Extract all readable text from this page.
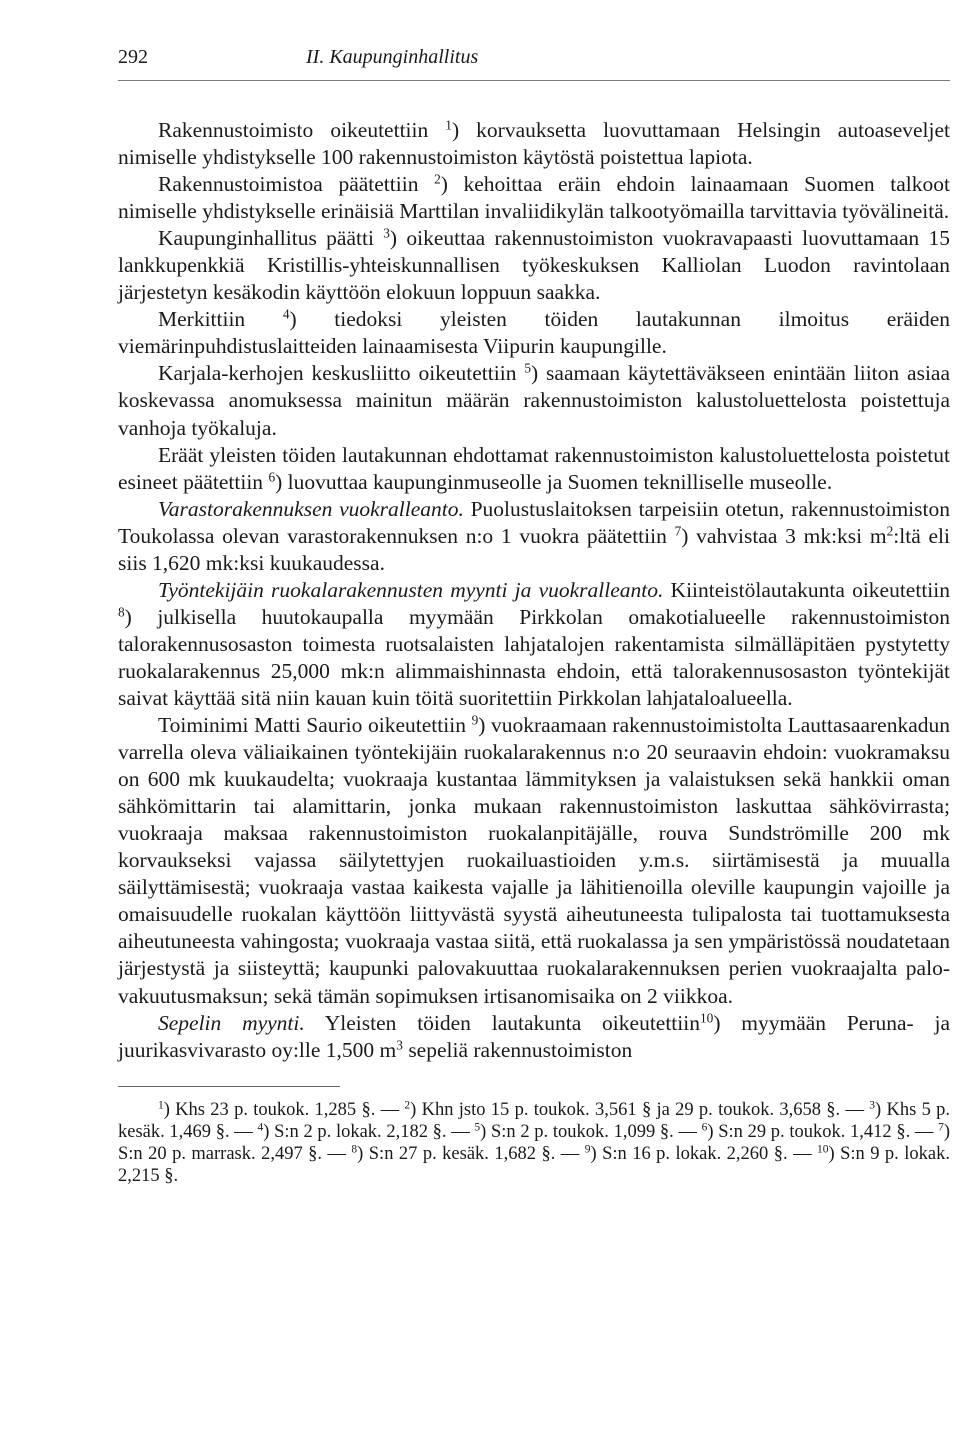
292	II. Kaupunginhallitus

Rakennustoimisto oikeutettiin $^1$) korvauksetta luovuttamaan Helsingin autoaseveljet nimiselle yhdistykselle 100 rakennustoimiston käytöstä poistettua lapiota.

Rakennustoimistoa päätettiin $^2$) kehoittaa eräin ehdoin lainaamaan Suomen talkoot nimiselle yhdistykselle erinäisiä Marttilan invaliidikylän talkootyömailla tarvittavia työvälineitä.

Kaupunginhallitus päätti $^3$) oikeuttaa rakennustoimiston vuokravapaasti luovuttamaan 15 lankkupenkkiä Kristillis-yhteiskunnallisen työkeskuksen Kalliolan Luodon ravintolaan järjestetyn kesäkodin käyttöön elokuun loppuun saakka.

Merkittiin $^4$) tiedoksi yleisten töiden lautakunnan ilmoitus eräiden viemärinpuhdistuslaitteiden lainaamisesta Viipurin kaupungille.

Karjala-kerhojen keskusliitto oikeutettiin $^5$) saamaan käytettäväkseen enintään liiton asiaa koskevassa anomuksessa mainitun määrän rakennustoimiston kalustoluettelosta poistettuja vanhoja työkaluja.

Eräät yleisten töiden lautakunnan ehdottamat rakennustoimiston kalustoluettelosta poistetut esineet päätettiin $^6$) luovuttaa kaupunginmuseolle ja Suomen teknilliselle museolle.

Varastorakennuksen vuokralleanto. Puolustuslaitoksen tarpeisiin otetun, rakennustoimiston Toukolassa olevan varastorakennuksen n:o 1 vuokra päätettiin $^7$) vahvistaa 3 mk:ksi $m^2:ltä$ eli siis 1,620 mk:ksi kuukaudessa.

Työntekijäin ruokalarakennusten myynti ja vuokralleanto. Kiinteistölautakunta oikeutettiin $^8$) julkisella huutokaupalla myymään Pirkkolan omakotialueelle rakennustoimiston talorakennusosaston toimesta ruotsalaisten lahjatalojen rakentamista silmälläpitäen pystytetty ruokalarakennus 25,000 mk:n alimmaishinnasta ehdoin, että talorakennusosaston työntekijät saivat käyttää sitä niin kauan kuin töitä suoritettiin Pirkkolan lahjataloalueella.

Toiminimi Matti Saurio oikeutettiin $^9$) vuokraamaan rakennustoimistolta Lauttasaarenkadun varrella oleva väliaikainen työntekijäin ruokalarakennus n:o 20 seuraavin ehdoin: vuokramaksu on 600 mk kuukaudelta; vuokraaja kustantaa lämmityksen ja valaistuksen sekä hankkii oman sähkömittarin tai alamittarin, jonka mukaan rakennustoimiston laskuttaa sähkövirrasta; vuokraaja maksaa rakennustoimiston ruokalanpitäjälle, rouva Sundströmille 200 mk korvaukseksi vajassa säilytettyjen ruokailuastioiden y.m.s. siirtämisestä ja muualla säilyttämisestä; vuokraaja vastaa kaikesta vajalle ja lähitienoilla oleville kaupungin vajoille ja omaisuudelle ruokalan käyttöön liittyvästä syystä aiheutuneesta tulipalosta tai tuottamuksesta aiheutuneesta vahingosta; vuokraaja vastaa siitä, että ruokalassa ja sen ympäristössä noudatetaan järjestystä ja siisteyttä; kaupunki palovakuuttaa ruokalarakennuksen perien vuokraajalta palovakuutusmaksun; sekä tämän sopimuksen irtisanomisaika on 2 viikkoa.

Sepelin myynti. Yleisten töiden lautakunta oikeutettiin$^{10}$) myymään Peruna- ja juurikasvivarasto oy:lle 1,500 $m^3$ sepeliä rakennustoimiston

$^1$) Khs 23 p. toukok. 1,285 §. — $^2$) Khn jsto 15 p. toukok. 3,561 § ja 29 p. toukok. 3,658 §. — $^3$) Khs 5 p. kesäk. 1,469 §. — $^4$) S:n 2 p. lokak. 2,182 §. — $^5$) S:n 2 p. toukok. 1,099 §. — $^6$) S:n 29 p. toukok. 1,412 §. — $^7$) S:n 20 p. marrask. 2,497 §. — $^8$) S:n 27 p. kesäk. 1,682 §. — $^9$) S:n 16 p. lokak. 2,260 §. — $^{10}$) S:n 9 p. lokak. 2,215 §.
